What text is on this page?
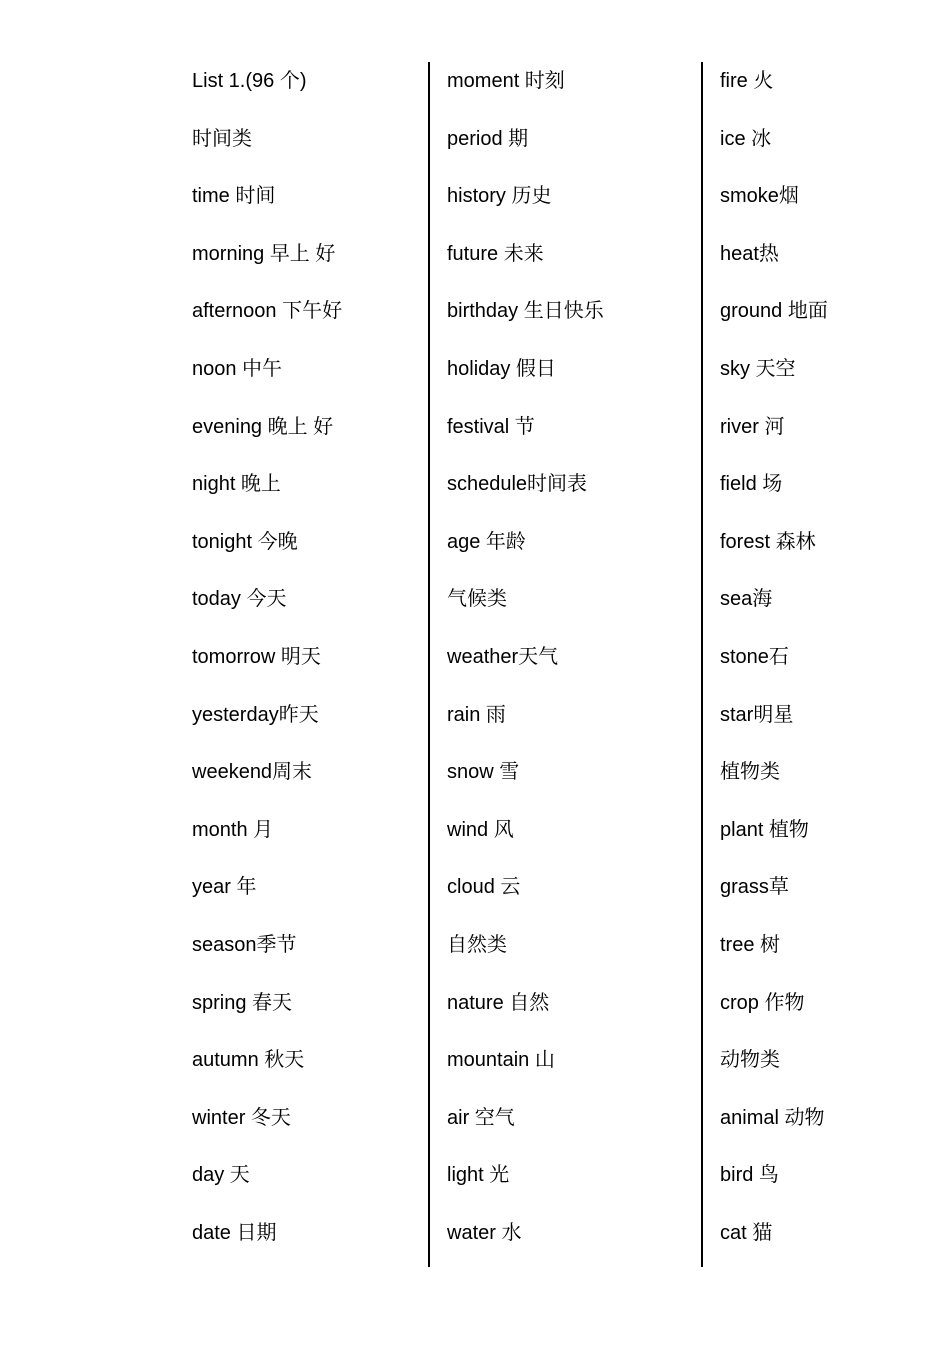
List 1.(96 个)
时间类
time 时间
morning 早上 好
afternoon 下午好
noon 中午
evening 晚上 好
night 晚上
tonight 今晚
today 今天
tomorrow 明天
yesterday昨天
weekend周末
month 月
year 年
season季节
spring 春天
autumn 秋天
winter 冬天
day 天
date 日期
moment 时刻
period 期
history 历史
future 未来
birthday 生日快乐
holiday 假日
festival 节
schedule时间表
age 年龄
气候类
weather天气
rain 雨
snow 雪
wind 风
cloud 云
自然类
nature 自然
mountain 山
air 空气
light 光
water 水
fire 火
ice 冰
smoke烟
heat热
ground 地面
sky 天空
river 河
field 场
forest 森林
sea海
stone石
star明星
植物类
plant 植物
grass草
tree 树
crop 作物
动物类
animal 动物
bird 鸟
cat 猫
